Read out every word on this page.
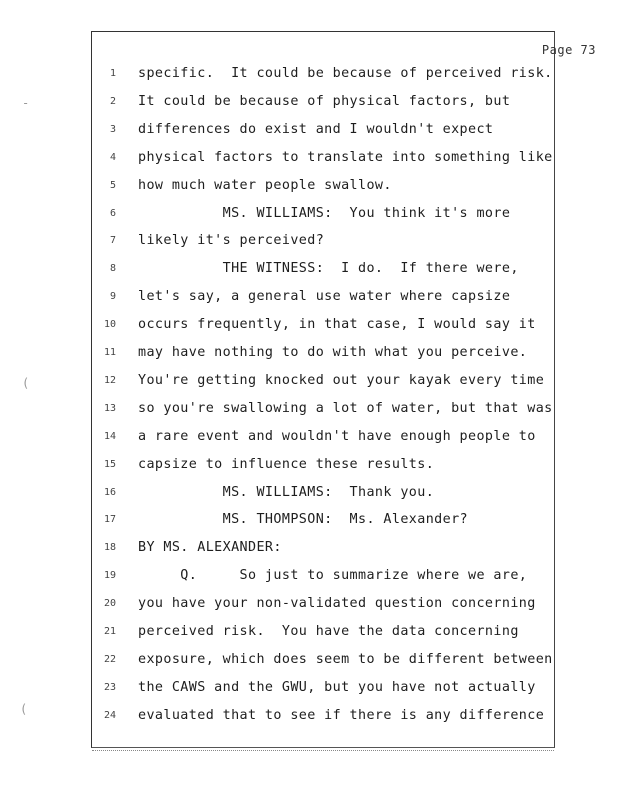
Page 73
-
(
(
1 specific.  It could be because of perceived risk.
2 It could be because of physical factors, but
3 differences do exist and I wouldn't expect
4 physical factors to translate into something like
5 how much water people swallow.
6 MS. WILLIAMS:  You think it's more
7 likely it's perceived?
8 THE WITNESS:  I do.  If there were,
9 let's say, a general use water where capsize
10 occurs frequently, in that case, I would say it
11 may have nothing to do with what you perceive.
12 You're getting knocked out your kayak every time
13 so you're swallowing a lot of water, but that was
14 a rare event and wouldn't have enough people to
15 capsize to influence these results.
16 MS. WILLIAMS:  Thank you.
17 MS. THOMPSON:  Ms. Alexander?
18 BY MS. ALEXANDER:
19 Q.     So just to summarize where we are,
20 you have your non-validated question concerning
21 perceived risk.  You have the data concerning
22 exposure, which does seem to be different between
23 the CAWS and the GWU, but you have not actually
24 evaluated that to see if there is any difference
